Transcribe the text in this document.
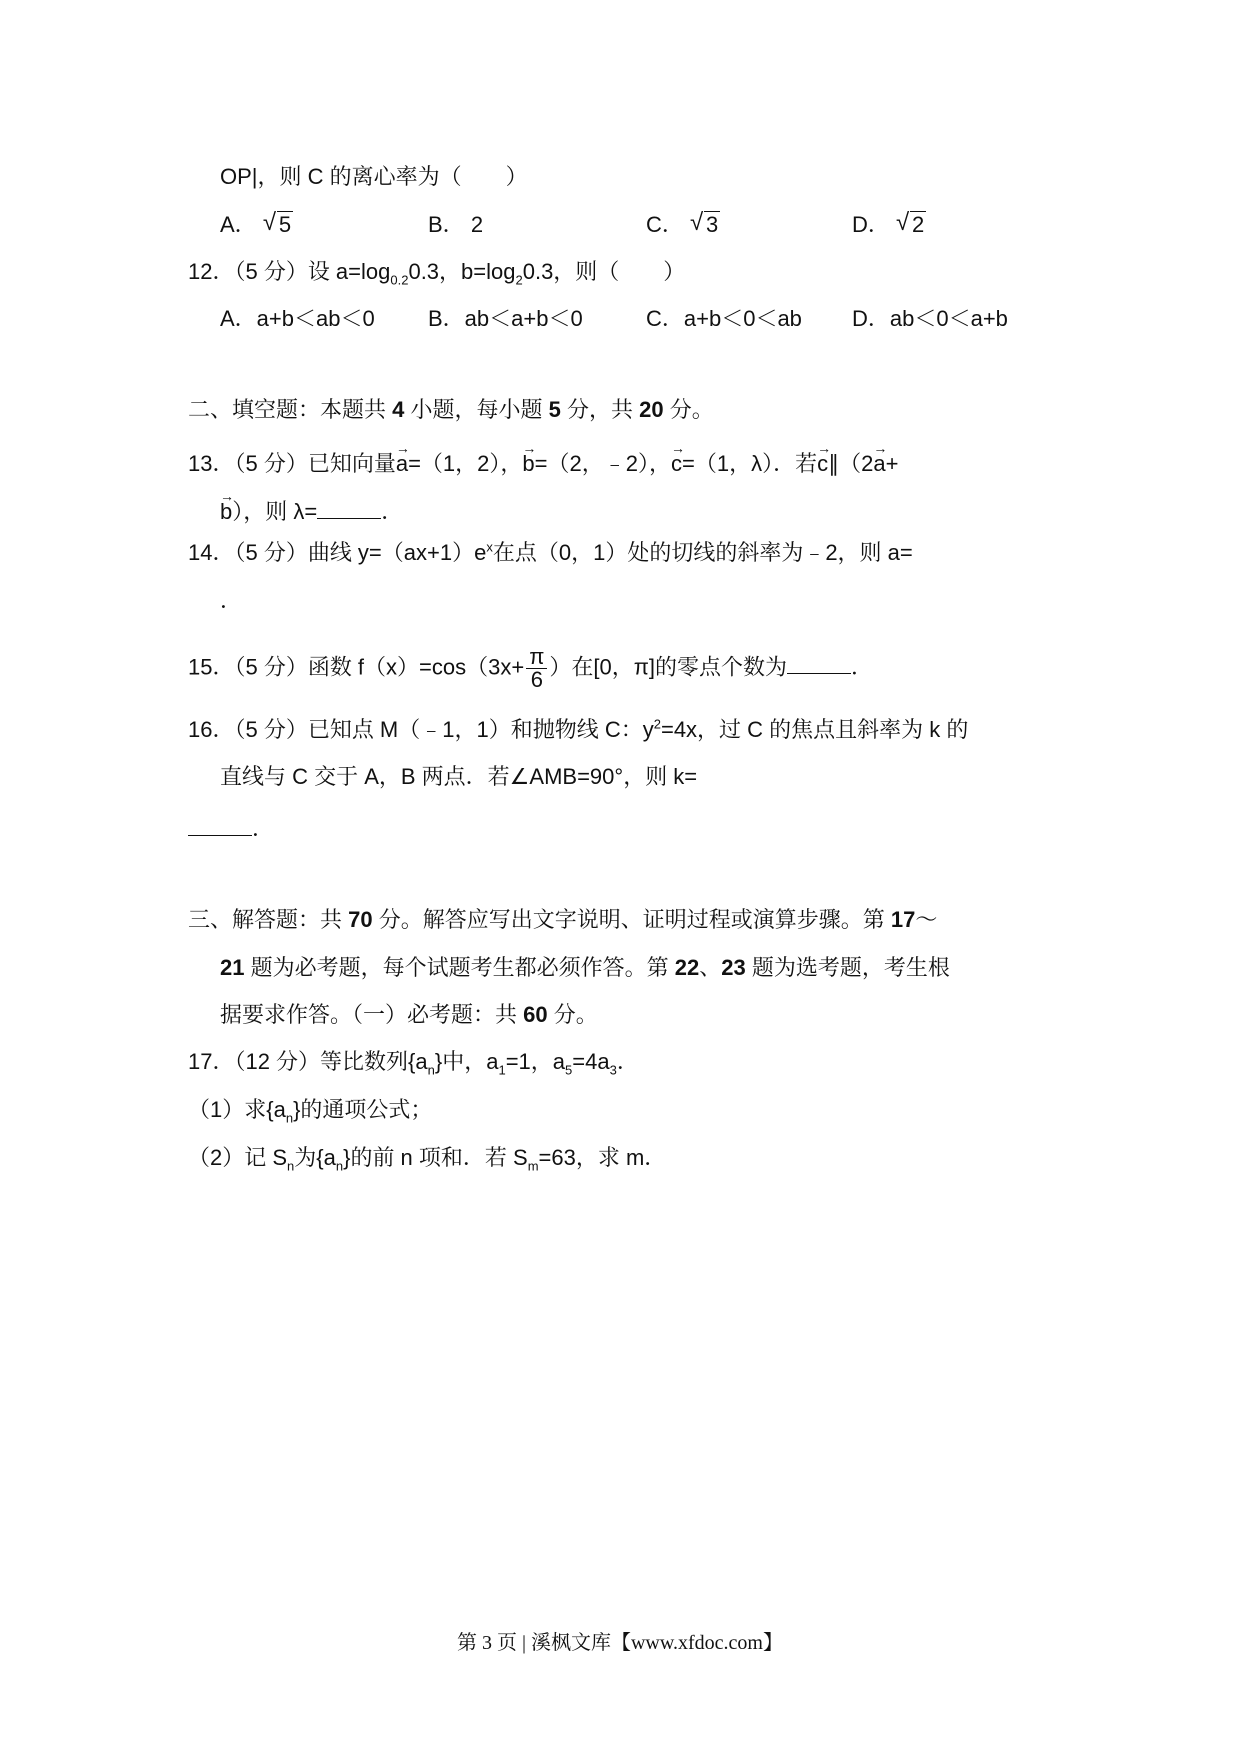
OP|，则 C 的离心率为（　　）
A． √ 5	B． 2	C． √ 3	D． √ 2
12．（5 分）设 $a=\log_{0.2}0.3$，$b=\log_20.3$，则（　　）
A．a+b＜ab＜0 B．ab＜a+b＜0	C．a+b＜0＜ab D．ab＜0＜a+b
二、填空题：本题共 4 小题，每小题 5 分，共 20 分。
13．（5 分）已知向量→ a=（1，2），→ b=（2，﹣2），→ c=（1，λ）．若→ c∥（2→ a+
→ b），则 λ=	．
14．（5 分）曲线 $y=(ax+1)e^x$在点（0，1）处的切线的斜率为﹣2，则 a=
．
15．（5 分）函数 $f(x)=\cos(3x+ \frac{\pi}{6}$ ）在[0，π]的零点个数为	．
16．（5 分）已知点 M（﹣1，1）和抛物线 C：$y^2=4x$，过 C 的焦点且斜率为 k 的
直线与 C 交于 A，B 两点．若∠AMB=90°，则 k=
．
三、解答题：共 70 分。解答应写出文字说明、证明过程或演算步骤。第 17～
21 题为必考题，每个试题考生都必须作答。第 22、23 题为选考题，考生根
据要求作答。（一）必考题：共 60 分。
17．（12 分）等比数列$\{a_n\}$中，$a_1=1$，$a_5=4a_3$．
（1）求$\{a_n\}$的通项公式；
（2）记 $S_n$为$\{a_n\}$的前 n 项和．若 $S_m=63$，求 m．
第 3 页 | 溪枫文库【www.xfdoc.com】
